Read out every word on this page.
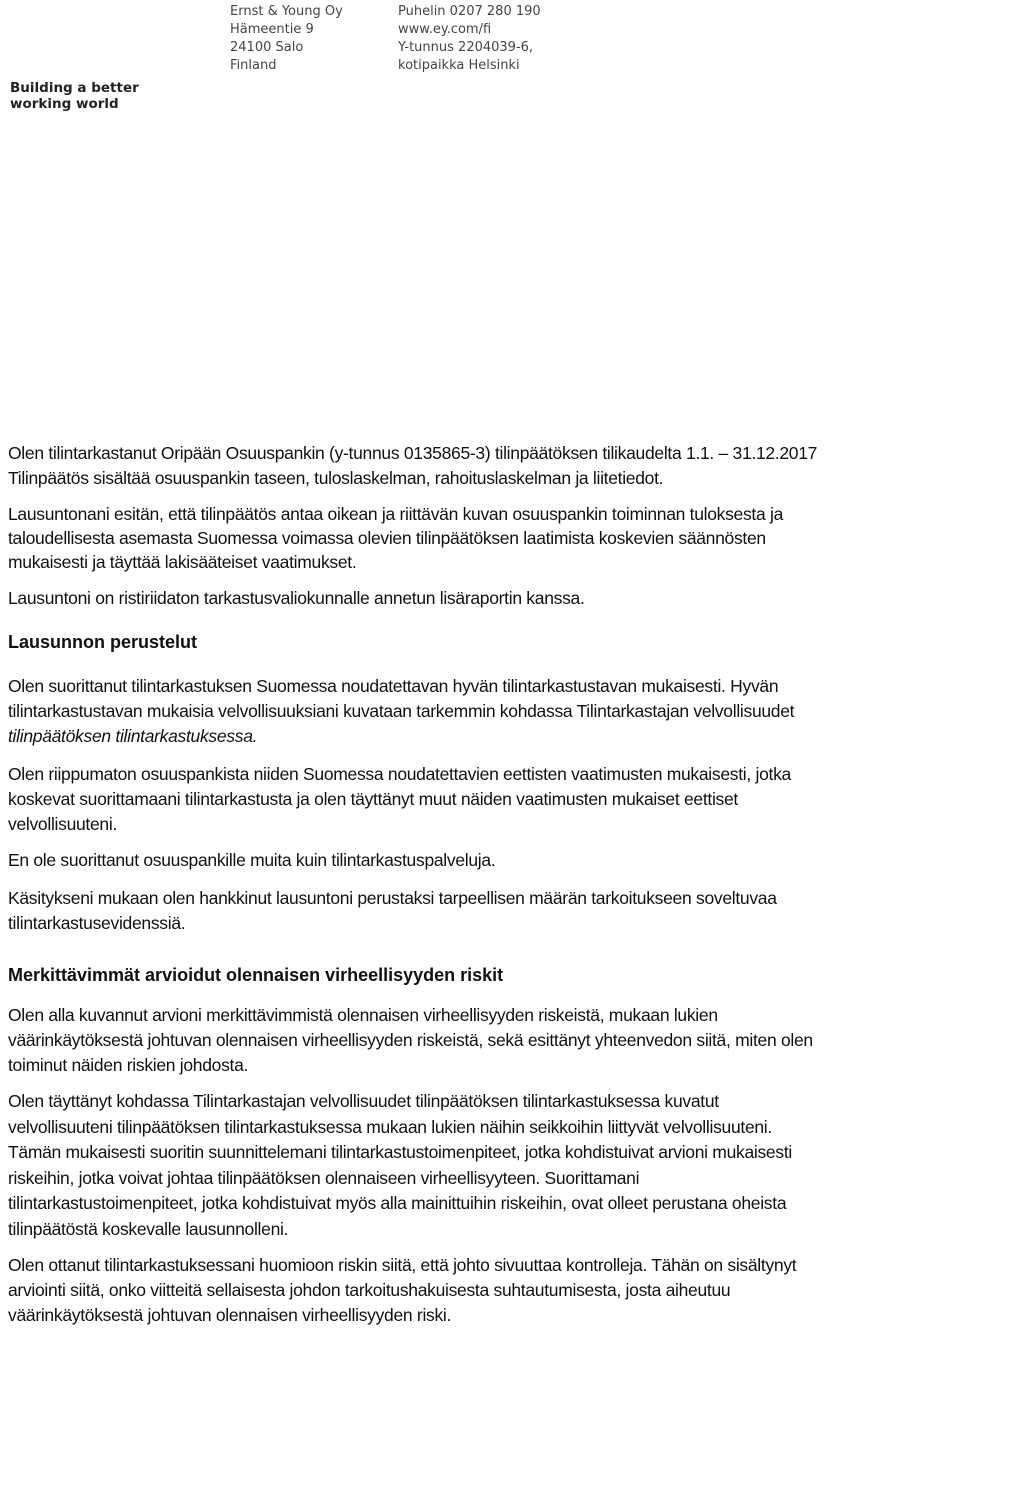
Building a better
working world
Ernst & Young Oy
Hämeentie 9
24100 Salo
Finland
Puhelin 0207 280 190
www.ey.com/fi
Y-tunnus 2204039-6,
kotipaikka Helsinki

Olen tilintarkastanut Oripään Osuuspankin (y-tunnus 0135865-3) tilinpäätöksen tilikaudelta 1.1. – 31.12.2017
Tilinpäätös sisältää osuuspankin taseen, tuloslaskelman, rahoituslaskelman ja liitetiedot.

Lausuntonani esitän, että tilinpäätös antaa oikean ja riittävän kuvan osuuspankin toiminnan tuloksesta ja
taloudellisesta asemasta Suomessa voimassa olevien tilinpäätöksen laatimista koskevien säännösten
mukaisesti ja täyttää lakisääteiset vaatimukset.

Lausuntoni on ristiriidaton tarkastusvaliokunnalle annetun lisäraportin kanssa.

Lausunnon perustelut

Olen suorittanut tilintarkastuksen Suomessa noudatettavan hyvän tilintarkastustavan mukaisesti. Hyvän
tilintarkastustavan mukaisia velvollisuuksiani kuvataan tarkemmin kohdassa Tilintarkastajan velvollisuudet
tilinpäätöksen tilintarkastuksessa.

Olen riippumaton osuuspankista niiden Suomessa noudatettavien eettisten vaatimusten mukaisesti, jotka
koskevat suorittamaani tilintarkastusta ja olen täyttänyt muut näiden vaatimusten mukaiset eettiset
velvollisuuteni.

En ole suorittanut osuuspankille muita kuin tilintarkastuspalveluja.

Käsitykseni mukaan olen hankkinut lausuntoni perustaksi tarpeellisen määrän tarkoitukseen soveltuvaa
tilintarkastusevidenssiä.

Merkittävimmät arvioidut olennaisen virheellisyyden riskit

Olen alla kuvannut arvioni merkittävimmistä olennaisen virheellisyyden riskeistä, mukaan lukien
väärinkäytöksestä johtuvan olennaisen virheellisyyden riskeistä, sekä esittänyt yhteenvedon siitä, miten olen
toiminut näiden riskien johdosta.

Olen täyttänyt kohdassa Tilintarkastajan velvollisuudet tilinpäätöksen tilintarkastuksessa kuvatut
velvollisuuteni tilinpäätöksen tilintarkastuksessa mukaan lukien näihin seikkoihin liittyvät velvollisuuteni.
Tämän mukaisesti suoritin suunnittelemani tilintarkastustoimenpiteet, jotka kohdistuivat arvioni mukaisesti
riskeihin, jotka voivat johtaa tilinpäätöksen olennaiseen virheellisyyteen. Suorittamani
tilintarkastustoimenpiteet, jotka kohdistuivat myös alla mainittuihin riskeihin, ovat olleet perustana oheista
tilinpäätöstä koskevalle lausunnolleni.

Olen ottanut tilintarkastuksessani huomioon riskin siitä, että johto sivuuttaa kontrolleja. Tähän on sisältynyt
arviointi siitä, onko viitteitä sellaisesta johdon tarkoitushakuisesta suhtautumisesta, josta aiheutuu
väärinkäytöksestä johtuvan olennaisen virheellisyyden riski.
